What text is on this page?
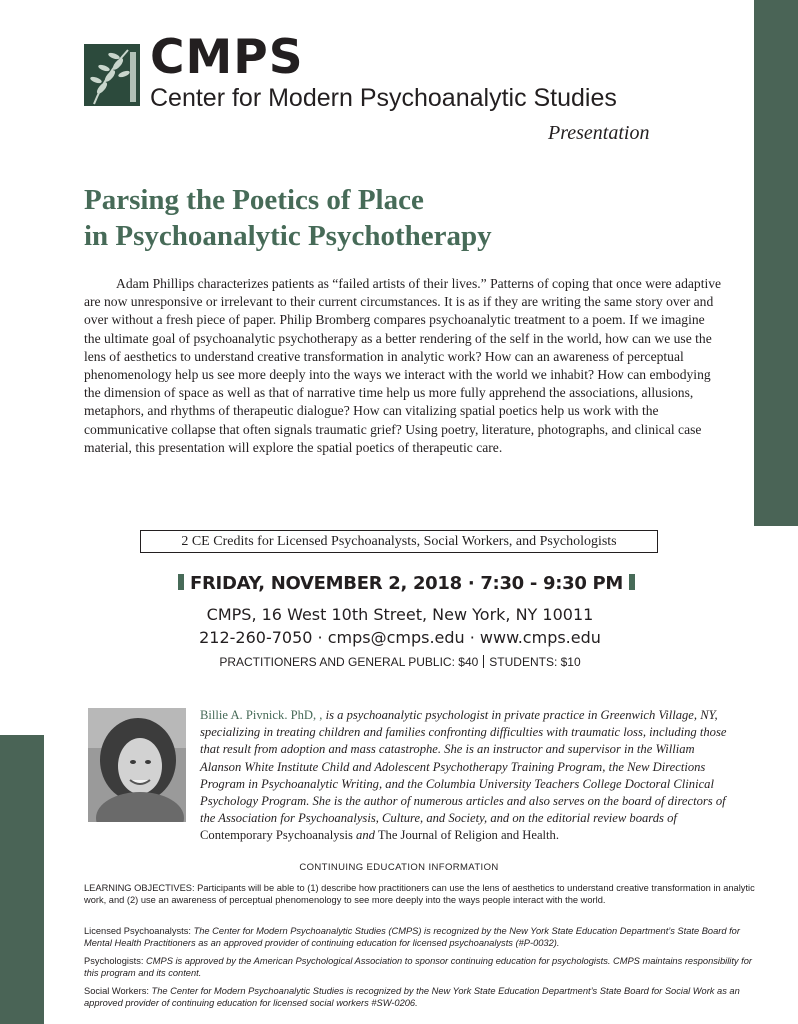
CMPS
Center for Modern Psychoanalytic Studies
Presentation
Parsing the Poetics of Place
in Psychoanalytic Psychotherapy

Adam Phillips characterizes patients as “failed artists of their lives.” Patterns of coping that once were adaptive are now unresponsive or irrelevant to their current circumstances. It is as if they are writing the same story over and over without a fresh piece of paper. Philip Bromberg compares psychoanalytic treatment to a poem. If we imagine the ultimate goal of psychoanalytic psychotherapy as a better rendering of the self in the world, how can we use the lens of aesthetics to understand creative transformation in analytic work? How can an awareness of perceptual phenomenology help us see more deeply into the ways we interact with the world we inhabit? How can embodying the dimension of space as well as that of narrative time help us more fully apprehend the associations, allusions, metaphors, and rhythms of therapeutic dialogue? How can vitalizing spatial poetics help us work with the communicative collapse that often signals traumatic grief? Using poetry, literature, photographs, and clinical case material, this presentation will explore the spatial poetics of therapeutic care.

2 CE Credits for Licensed Psychoanalysts, Social Workers, and Psychologists
FRIDAY, NOVEMBER 2, 2018 · 7:30 - 9:30 PM
CMPS, 16 West 10th Street, New York, NY 10011
212-260-7050 · cmps@cmps.edu · www.cmps.edu
PRACTITIONERS AND GENERAL PUBLIC: $40 STUDENTS: $10

Billie A. Pivnick. PhD, , is a psychoanalytic psychologist in private practice in Greenwich Village, NY, specializing in treating children and families confronting difficulties with traumatic loss, including those that result from adoption and mass catastrophe. She is an instructor and supervisor in the William Alanson White Institute Child and Adolescent Psychotherapy Training Program, the New Directions Program in Psychoanalytic Writing, and the Columbia University Teachers College Doctoral Clinical Psychology Program. She is the author of numerous articles and also serves on the board of directors of the Association for Psychoanalysis, Culture, and Society, and on the editorial review boards of Contemporary Psychoanalysis and The Journal of Religion and Health.

CONTINUING EDUCATION INFORMATION

LEARNING OBJECTIVES: Participants will be able to (1) describe how practitioners can use the lens of aesthetics to understand creative transformation in analytic work, and (2) use an awareness of perceptual phenomenology to see more deeply into the ways people interact with the world.

Licensed Psychoanalysts: The Center for Modern Psychoanalytic Studies (CMPS) is recognized by the New York State Education Department’s State Board for Mental Health Practitioners as an approved provider of continuing education for licensed psychoanalysts (#P-0032).

Psychologists: CMPS is approved by the American Psychological Association to sponsor continuing education for psychologists. CMPS maintains responsibility for this program and its content.

Social Workers: The Center for Modern Psychoanalytic Studies is recognized by the New York State Education Department’s State Board for Social Work as an approved provider of continuing education for licensed social workers #SW-0206.
